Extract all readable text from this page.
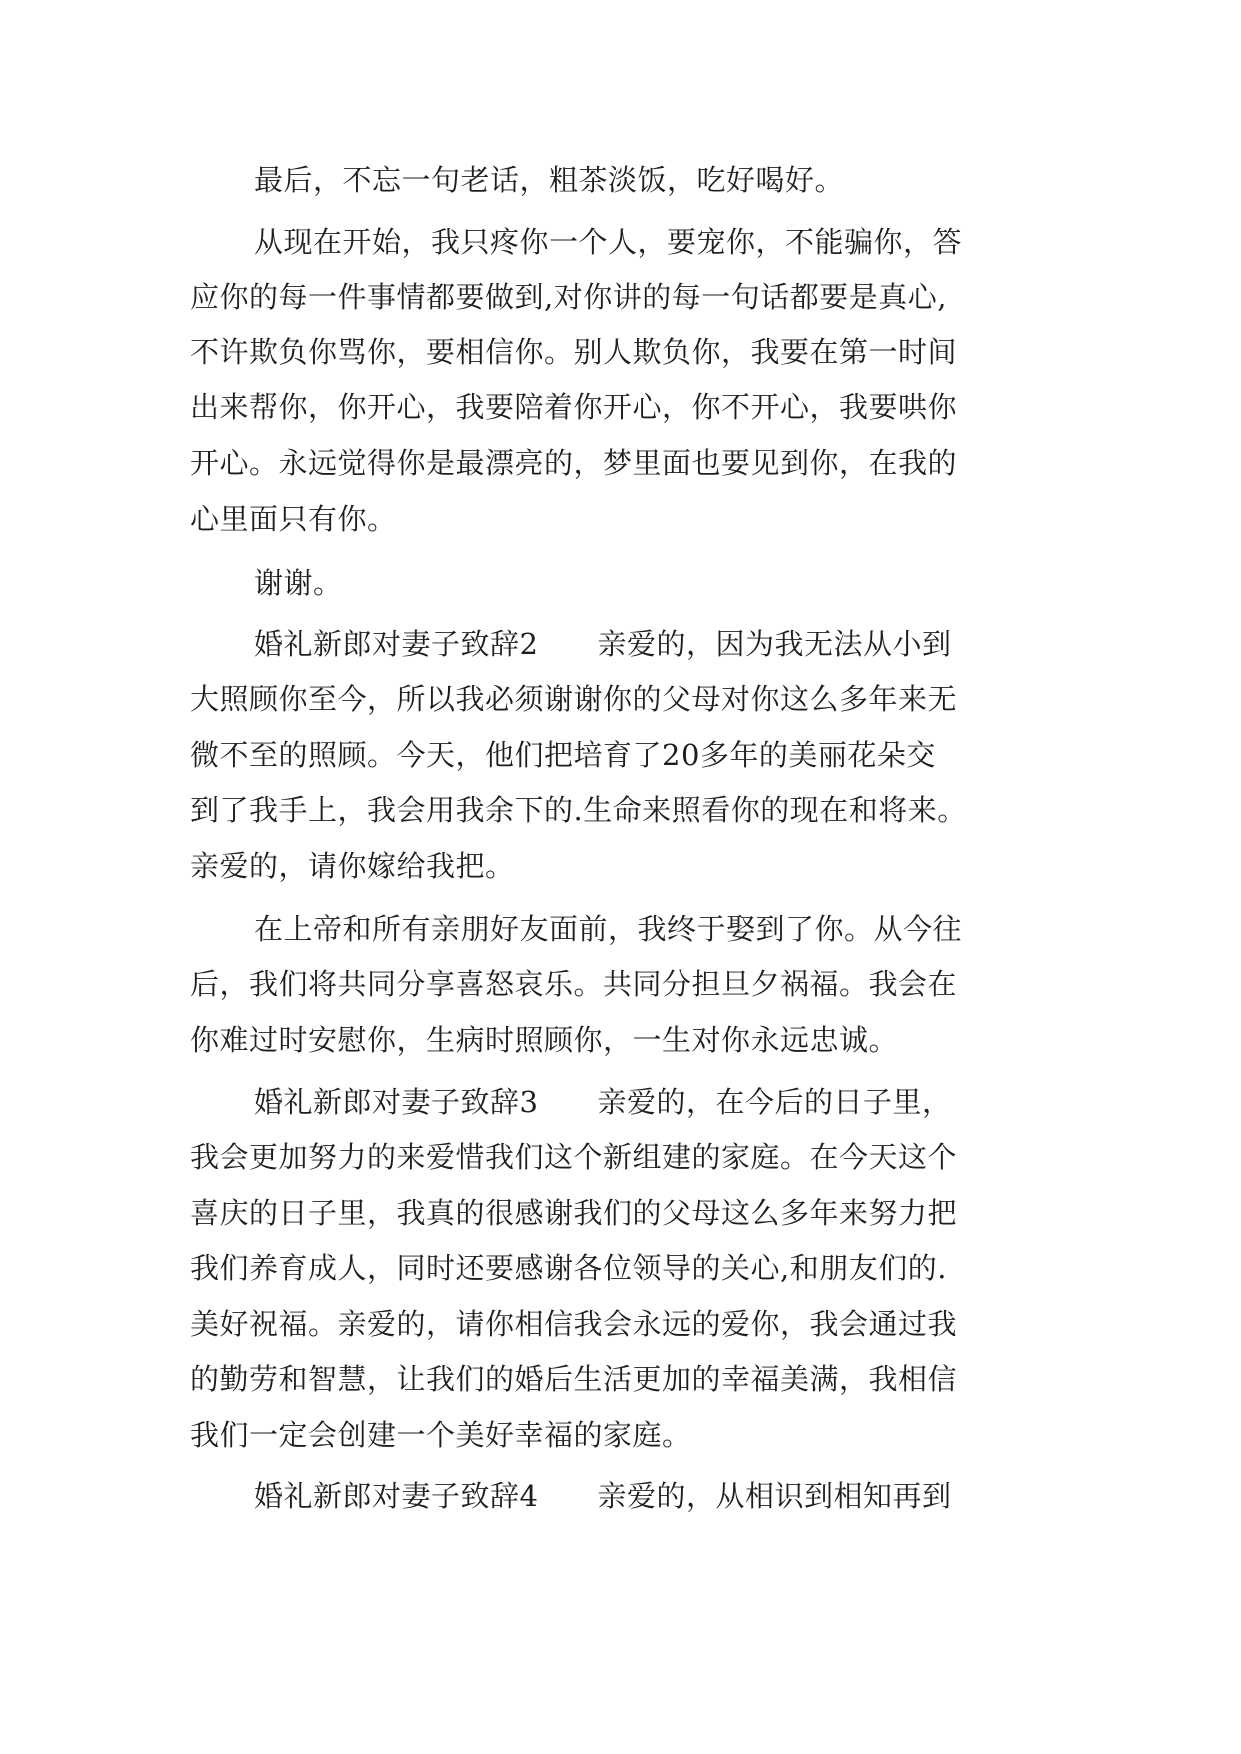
最后，不忘一句老话，粗茶淡饭，吃好喝好。
从现在开始，我只疼你一个人，要宠你，不能骗你，答
应你的每一件事情都要做到,对你讲的每一句话都要是真心,
不许欺负你骂你，要相信你。别人欺负你，我要在第一时间
出来帮你，你开心，我要陪着你开心，你不开心，我要哄你
开心。永远觉得你是最漂亮的，梦里面也要见到你，在我的
心里面只有你。
谢谢。
婚礼新郎对妻子致辞2　　亲爱的，因为我无法从小到
大照顾你至今，所以我必须谢谢你的父母对你这么多年来无
微不至的照顾。今天，他们把培育了20多年的美丽花朵交
到了我手上，我会用我余下的.生命来照看你的现在和将来。
亲爱的，请你嫁给我把。
在上帝和所有亲朋好友面前，我终于娶到了你。从今往
后，我们将共同分享喜怒哀乐。共同分担旦夕祸福。我会在
你难过时安慰你，生病时照顾你，一生对你永远忠诚。
婚礼新郎对妻子致辞3　　亲爱的，在今后的日子里，
我会更加努力的来爱惜我们这个新组建的家庭。在今天这个
喜庆的日子里，我真的很感谢我们的父母这么多年来努力把
我们养育成人，同时还要感谢各位领导的关心,和朋友们的.
美好祝福。亲爱的，请你相信我会永远的爱你，我会通过我
的勤劳和智慧，让我们的婚后生活更加的幸福美满，我相信
我们一定会创建一个美好幸福的家庭。
婚礼新郎对妻子致辞4　　亲爱的，从相识到相知再到
